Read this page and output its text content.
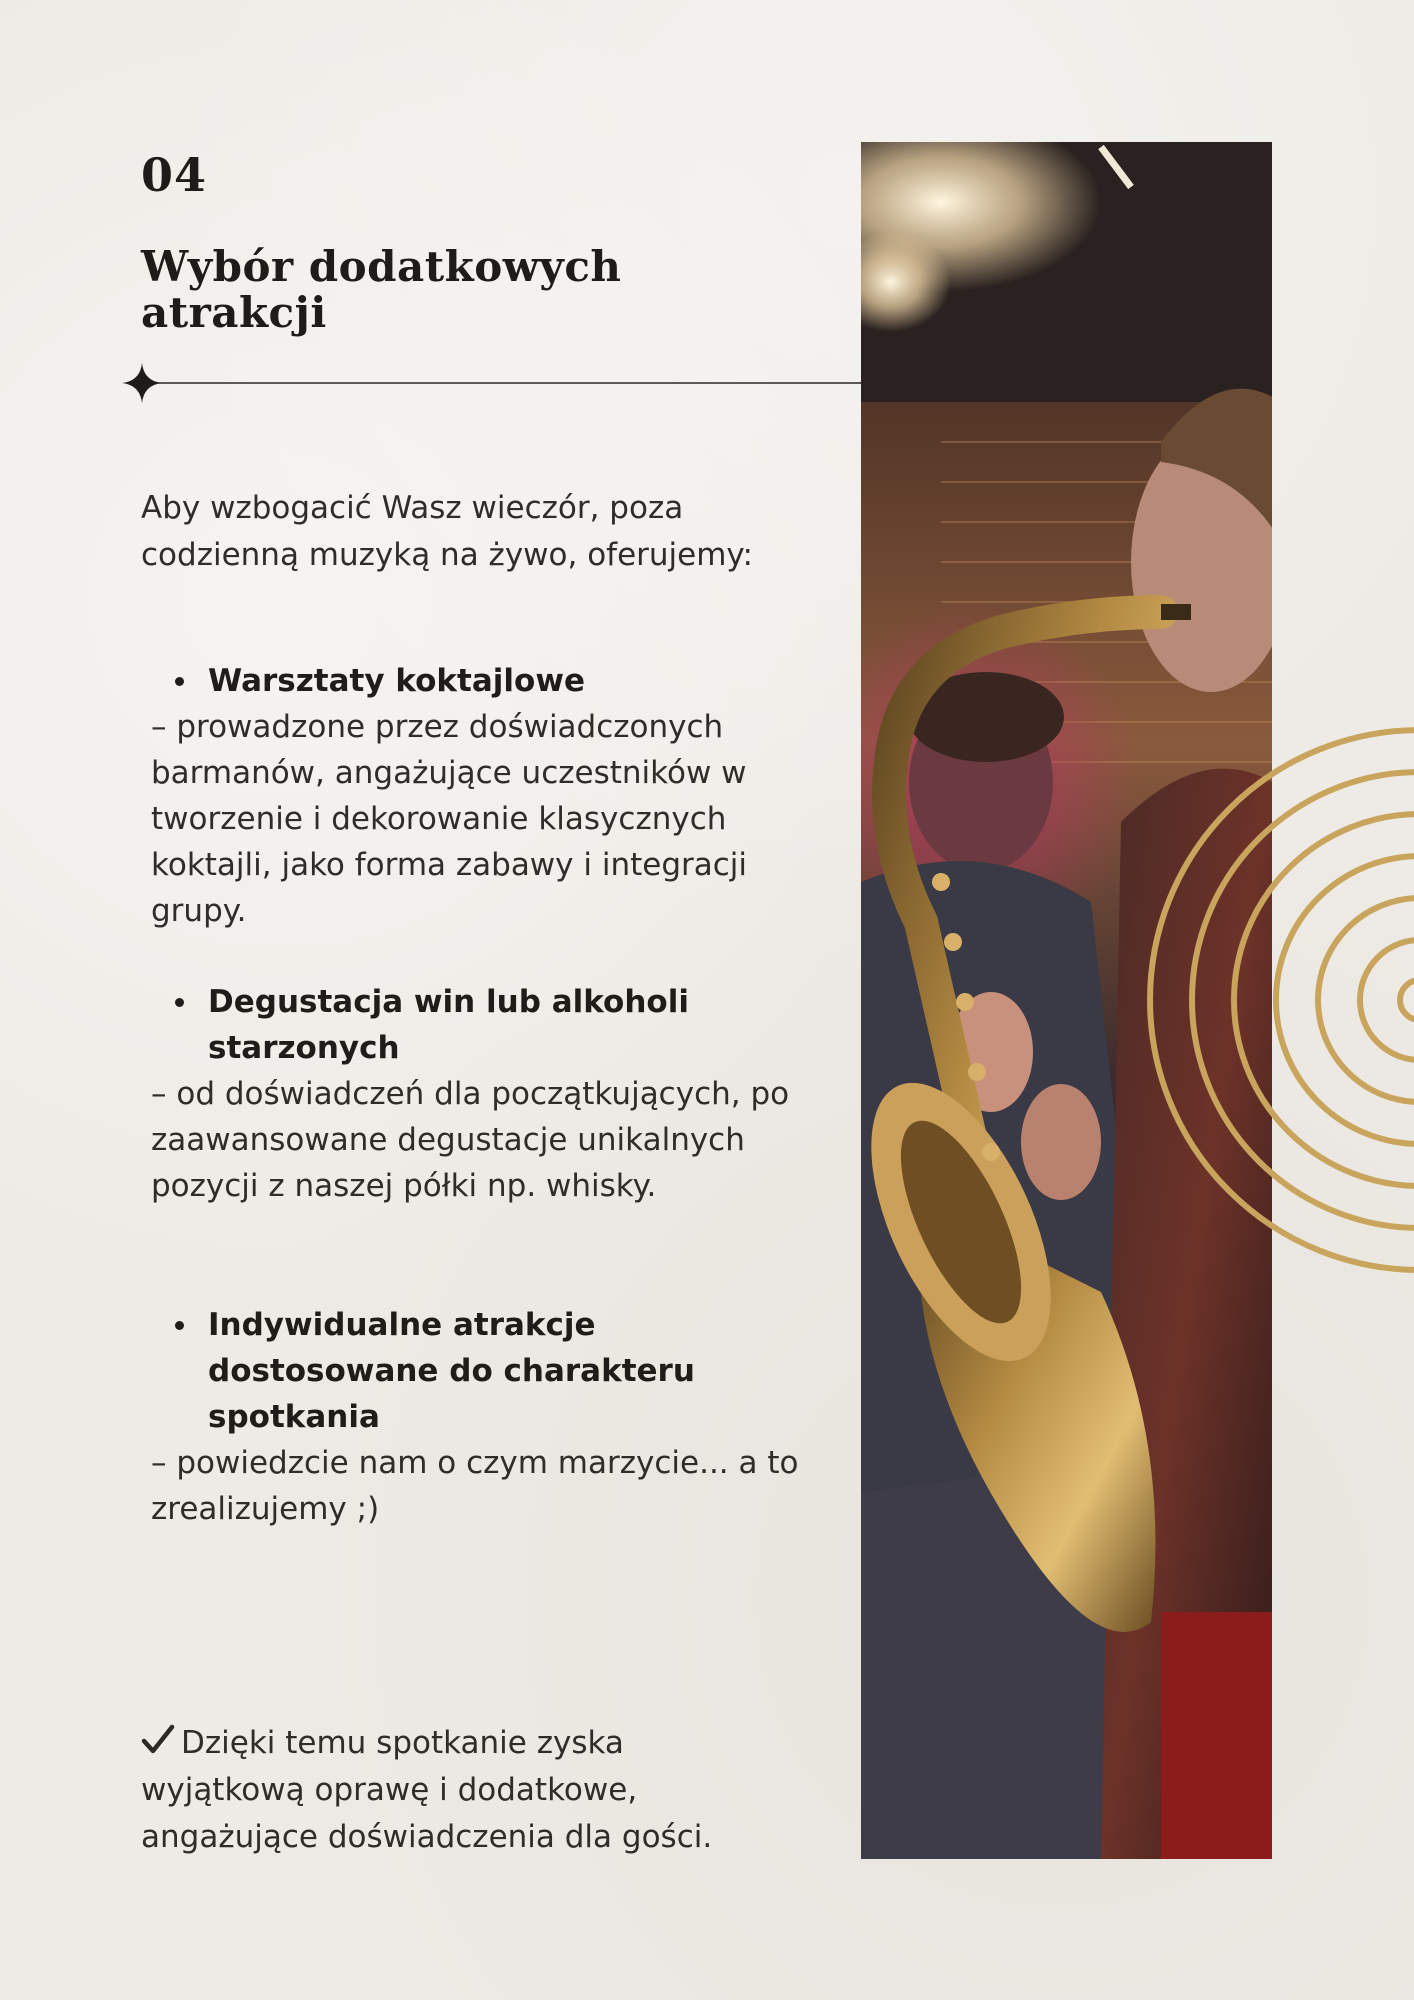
04
Wybór dodatkowych atrakcji

Aby wzbogacić Wasz wieczór, poza codzienną muzyką na żywo, oferujemy:

Warsztaty koktajlowe
– prowadzone przez doświadczonych barmanów, angażujące uczestników w tworzenie i dekorowanie klasycznych koktajli, jako forma zabawy i integracji grupy.
Degustacja win lub alkoholi starzonych
– od doświadczeń dla początkujących, po zaawansowane degustacje unikalnych pozycji z naszej półki np. whisky.
Indywidualne atrakcje dostosowane do charakteru spotkania
– powiedzcie nam o czym marzycie... a to zrealizujemy ;)

Dzięki temu spotkanie zyska wyjątkową oprawę i dodatkowe, angażujące doświadczenia dla gości.
